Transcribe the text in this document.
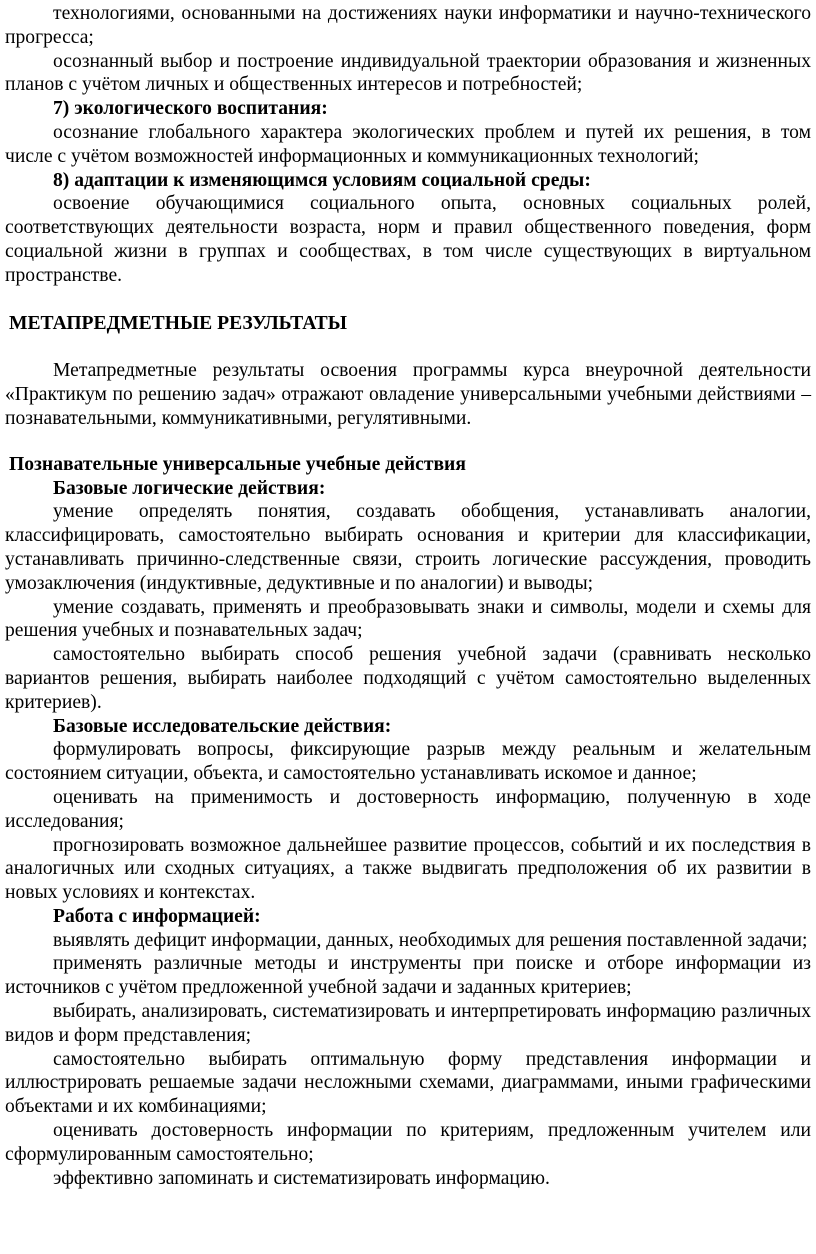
технологиями, основанными на достижениях науки информатики и научно-технического прогресса;

осознанный выбор и построение индивидуальной траектории образования и жизненных планов с учётом личных и общественных интересов и потребностей;

7) экологического воспитания:

осознание глобального характера экологических проблем и путей их решения, в том числе с учётом возможностей информационных и коммуникационных технологий;

8) адаптации к изменяющимся условиям социальной среды:

освоение обучающимися социального опыта, основных социальных ролей, соответствующих деятельности возраста, норм и правил общественного поведения, форм социальной жизни в группах и сообществах, в том числе существующих в виртуальном пространстве.

МЕТАПРЕДМЕТНЫЕ РЕЗУЛЬТАТЫ

Метапредметные результаты освоения программы курса внеурочной деятельности «Практикум по решению задач» отражают овладение универсальными учебными действиями – познавательными, коммуникативными, регулятивными.

Познавательные универсальные учебные действия

Базовые логические действия:

умение определять понятия, создавать обобщения, устанавливать аналогии, классифицировать, самостоятельно выбирать основания и критерии для классификации, устанавливать причинно-следственные связи, строить логические рассуждения, проводить умозаключения (индуктивные, дедуктивные и по аналогии) и выводы;

умение создавать, применять и преобразовывать знаки и символы, модели и схемы для решения учебных и познавательных задач;

самостоятельно выбирать способ решения учебной задачи (сравнивать несколько вариантов решения, выбирать наиболее подходящий с учётом самостоятельно выделенных критериев).

Базовые исследовательские действия:

формулировать вопросы, фиксирующие разрыв между реальным и желательным состоянием ситуации, объекта, и самостоятельно устанавливать искомое и данное;

оценивать на применимость и достоверность информацию, полученную в ходе исследования;

прогнозировать возможное дальнейшее развитие процессов, событий и их последствия в аналогичных или сходных ситуациях, а также выдвигать предположения об их развитии в новых условиях и контекстах.

Работа с информацией:

выявлять дефицит информации, данных, необходимых для решения поставленной задачи;

применять различные методы и инструменты при поиске и отборе информации из источников с учётом предложенной учебной задачи и заданных критериев;

выбирать, анализировать, систематизировать и интерпретировать информацию различных видов и форм представления;

самостоятельно выбирать оптимальную форму представления информации и иллюстрировать решаемые задачи несложными схемами, диаграммами, иными графическими объектами и их комбинациями;

оценивать достоверность информации по критериям, предложенным учителем или сформулированным самостоятельно;

эффективно запоминать и систематизировать информацию.
